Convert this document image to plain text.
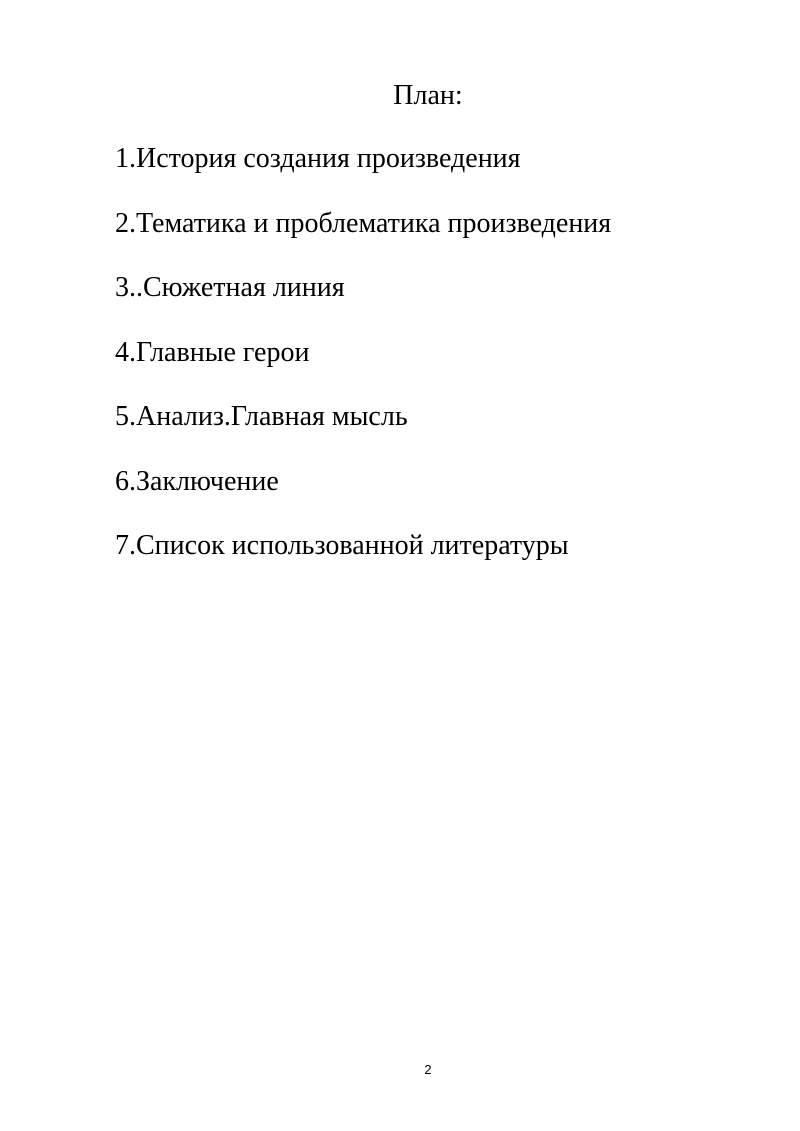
План:
1.История создания произведения
2.Тематика и проблематика произведения
3..Сюжетная линия
4.Главные герои
5.Анализ.Главная мысль
6.Заключение
7.Список использованной литературы
2
